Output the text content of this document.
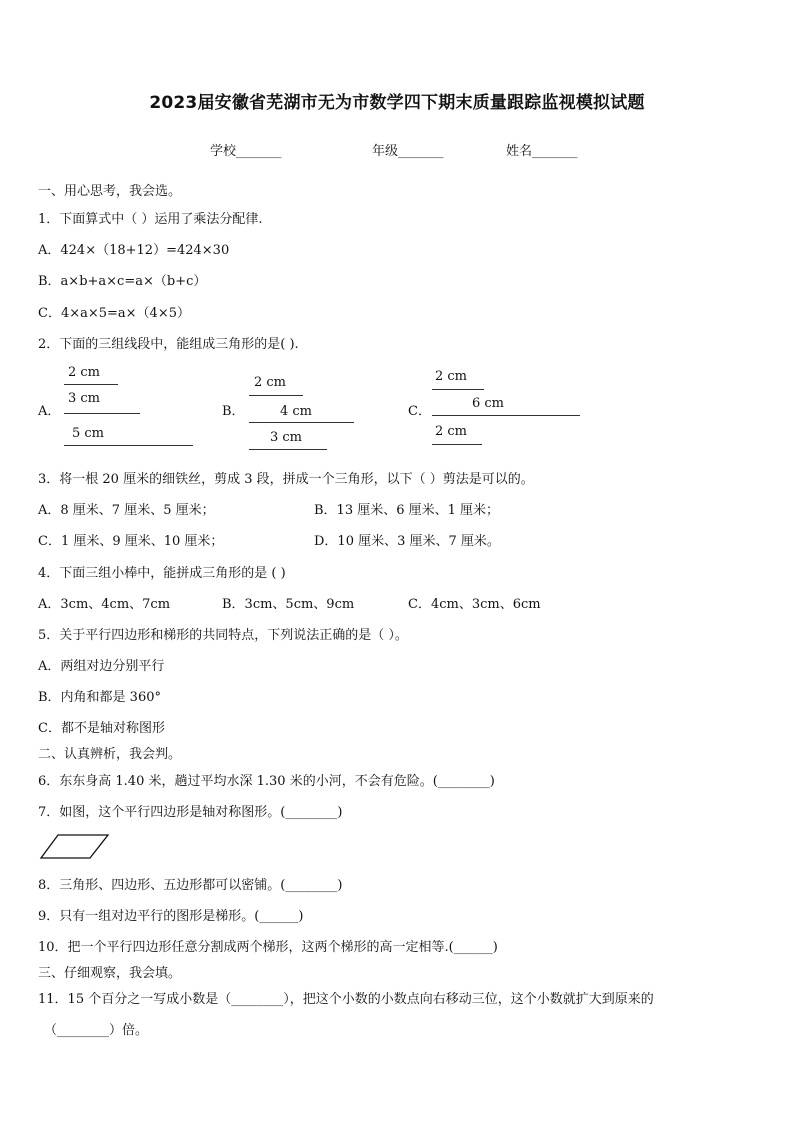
2023届安徽省芜湖市无为市数学四下期末质量跟踪监视模拟试题
学校_______	年级_______	姓名_______
一、用心思考，我会选。
1．下面算式中（ ）运用了乘法分配律.
A．424×（18+12）=424×30
B．a×b+a×c=a×（b+c）
C．4×a×5=a×（4×5）
2．下面的三组线段中，能组成三角形的是( ).
A．
2 cm
3 cm
5 cm
B．
2 cm
4 cm
3 cm
C．
2 cm
6 cm
2 cm
3．将一根 20 厘米的细铁丝，剪成 3 段，拼成一个三角形，以下（ ）剪法是可以的。
A．8 厘米、7 厘米、5 厘米；	B．13 厘米、6 厘米、1 厘米；
C．1 厘米、9 厘米、10 厘米；	D．10 厘米、3 厘米、7 厘米。
4．下面三组小棒中，能拼成三角形的是 ( )
A．3cm、4cm、7cm	B．3cm、5cm、9cm	C．4cm、3cm、6cm
5．关于平行四边形和梯形的共同特点，下列说法正确的是（ ）。
A．两组对边分别平行
B．内角和都是 360°
C．都不是轴对称图形
二、认真辨析，我会判。
6．东东身高 1.40 米，趟过平均水深 1.30 米的小河，不会有危险。(________)
7．如图，这个平行四边形是轴对称图形。(________)
8．三角形、四边形、五边形都可以密铺。(________)
9．只有一组对边平行的图形是梯形。(______)
10．把一个平行四边形任意分割成两个梯形，这两个梯形的高一定相等.(______)
三、仔细观察，我会填。
11．15 个百分之一写成小数是（________），把这个小数的小数点向右移动三位，这个小数就扩大到原来的
（________）倍。
